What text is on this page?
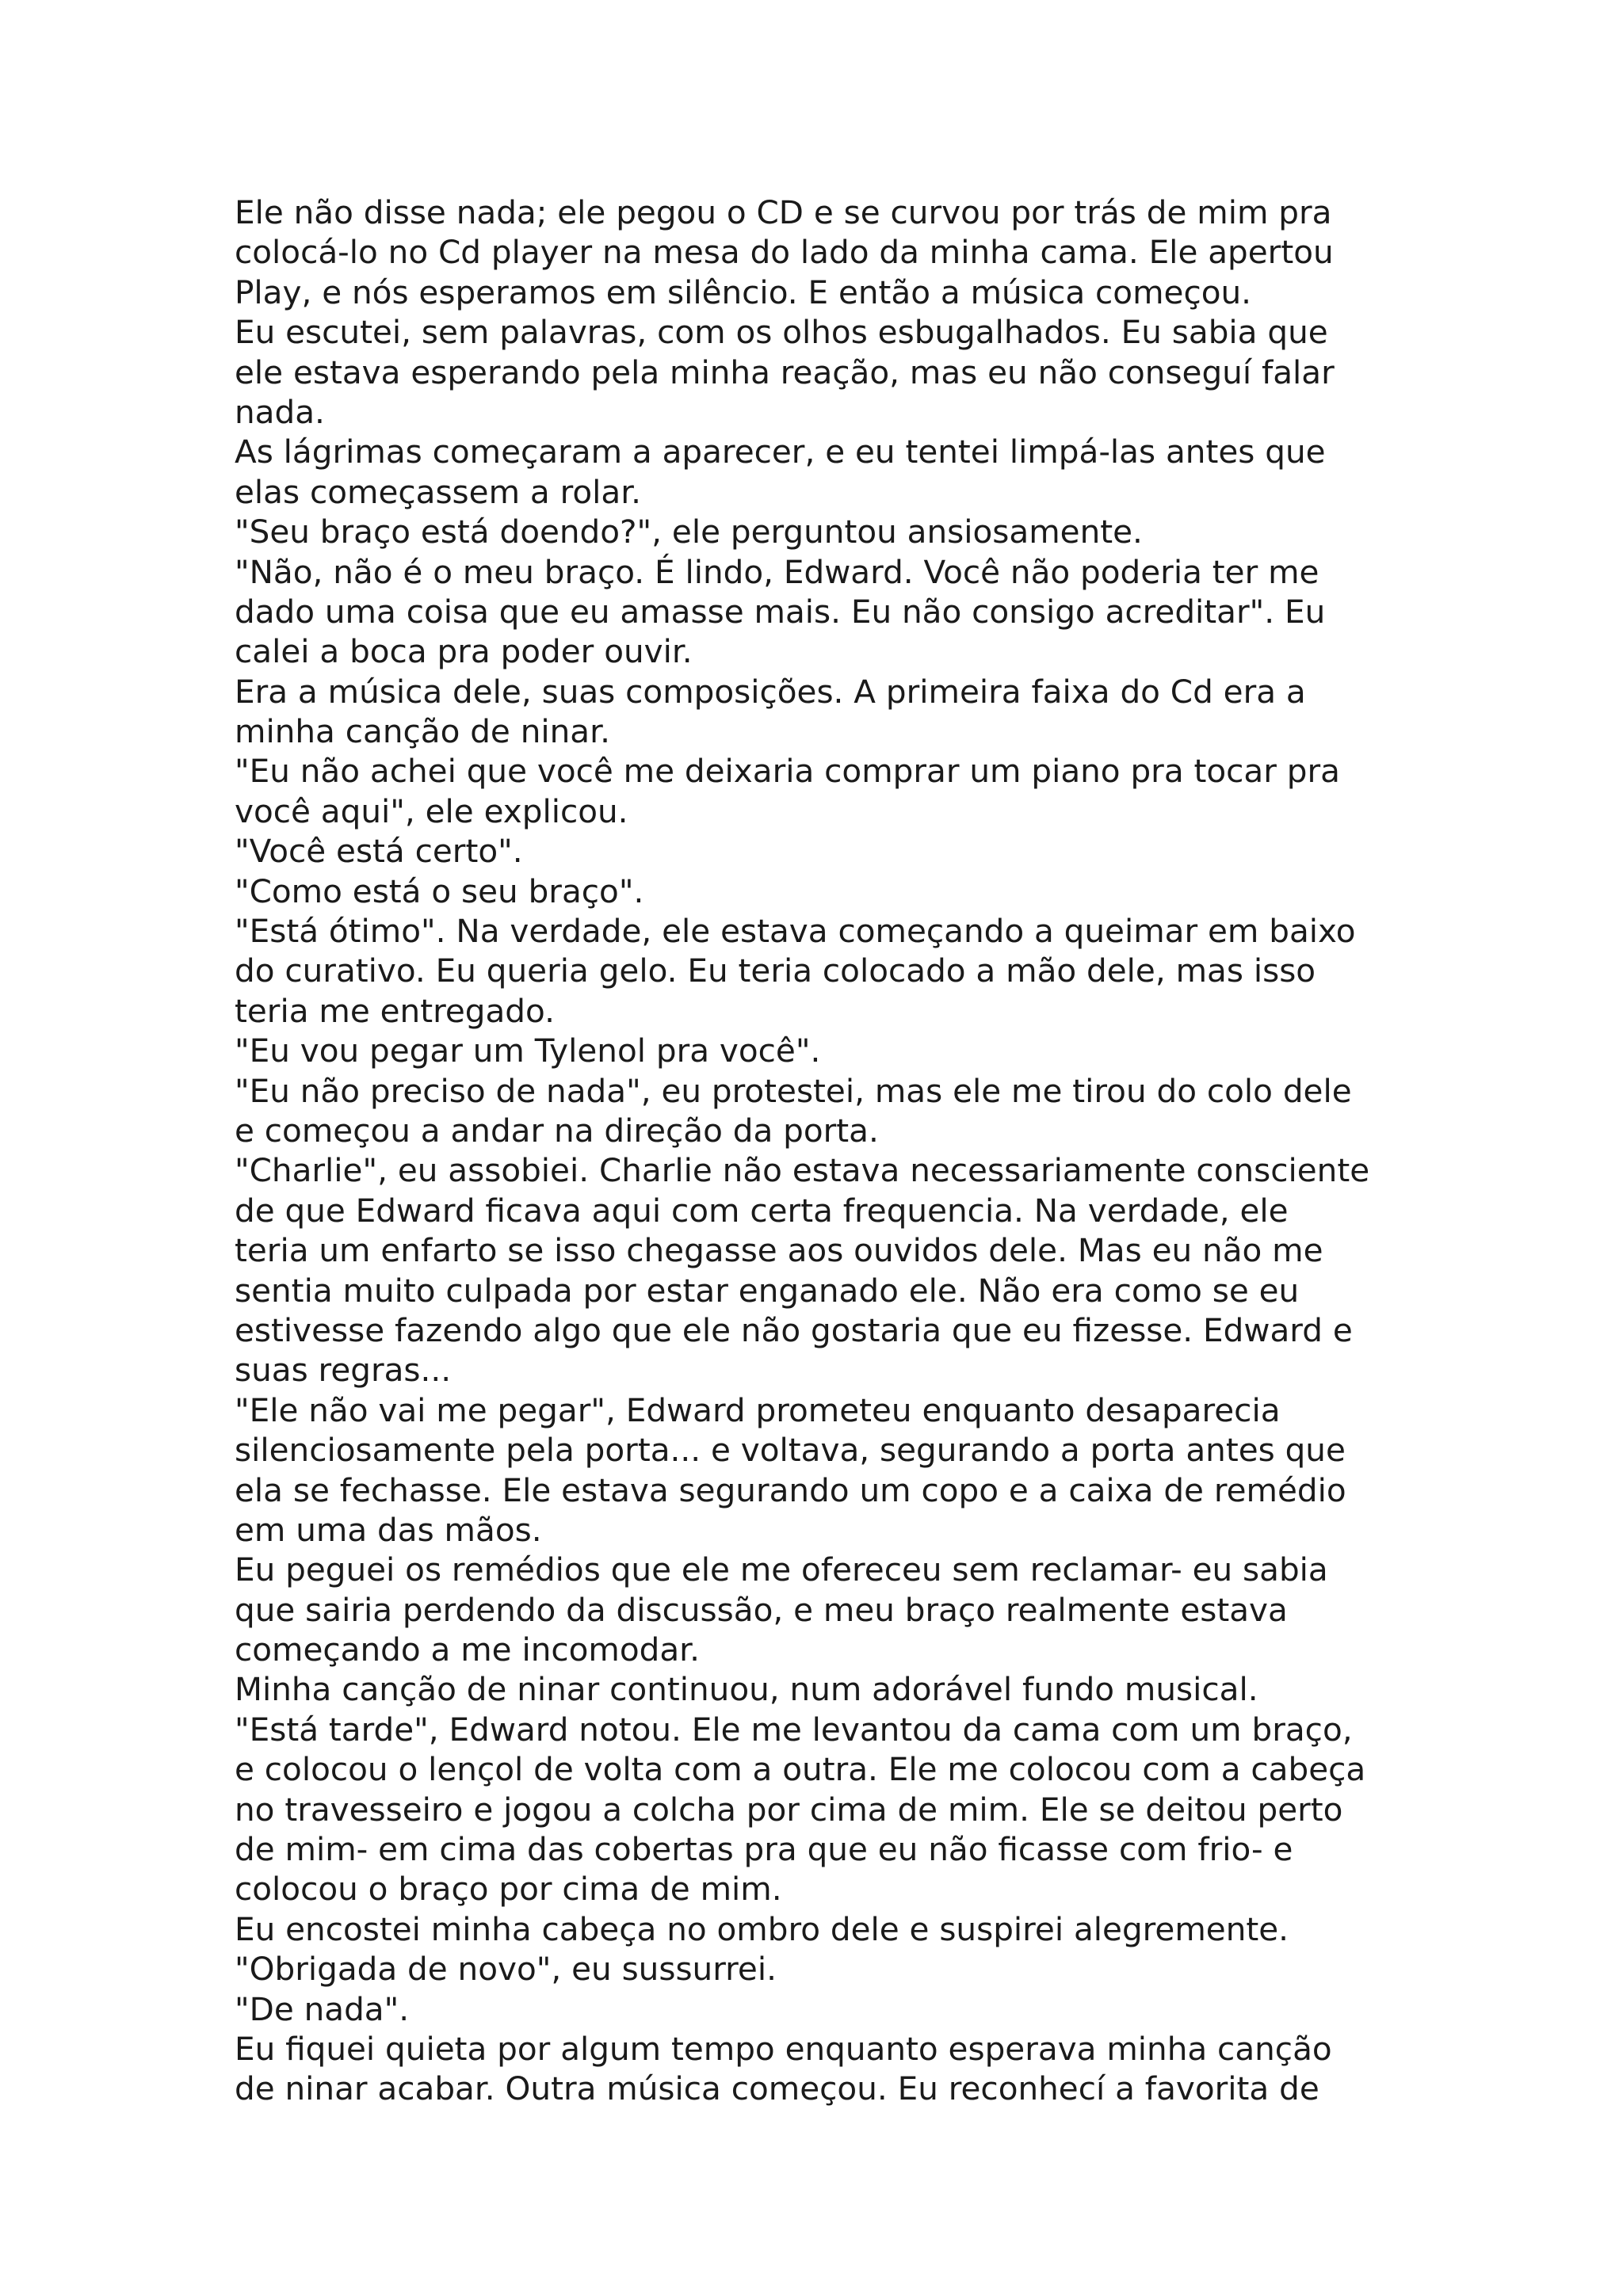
Ele não disse nada; ele pegou o CD e se curvou por trás de mim pra
colocá-lo no Cd player na mesa do lado da minha cama. Ele apertou
Play, e nós esperamos em silêncio. E então a música começou.
Eu escutei, sem palavras, com os olhos esbugalhados. Eu sabia que
ele estava esperando pela minha reação, mas eu não conseguí falar
nada.
As lágrimas começaram a aparecer, e eu tentei limpá-las antes que
elas começassem a rolar.
"Seu braço está doendo?", ele perguntou ansiosamente.
"Não, não é o meu braço. É lindo, Edward. Você não poderia ter me
dado uma coisa que eu amasse mais. Eu não consigo acreditar". Eu
calei a boca pra poder ouvir.
Era a música dele, suas composições. A primeira faixa do Cd era a
minha canção de ninar.
"Eu não achei que você me deixaria comprar um piano pra tocar pra
você aqui", ele explicou.
"Você está certo".
"Como está o seu braço".
"Está ótimo". Na verdade, ele estava começando a queimar em baixo
do curativo. Eu queria gelo. Eu teria colocado a mão dele, mas isso
teria me entregado.
"Eu vou pegar um Tylenol pra você".
"Eu não preciso de nada", eu protestei, mas ele me tirou do colo dele
e começou a andar na direção da porta.
"Charlie", eu assobiei. Charlie não estava necessariamente consciente
de que Edward ficava aqui com certa frequencia. Na verdade, ele
teria um enfarto se isso chegasse aos ouvidos dele. Mas eu não me
sentia muito culpada por estar enganado ele. Não era como se eu
estivesse fazendo algo que ele não gostaria que eu fizesse. Edward e
suas regras...
"Ele não vai me pegar", Edward prometeu enquanto desaparecia
silenciosamente pela porta... e voltava, segurando a porta antes que
ela se fechasse. Ele estava segurando um copo e a caixa de remédio
em uma das mãos.
Eu peguei os remédios que ele me ofereceu sem reclamar- eu sabia
que sairia perdendo da discussão, e meu braço realmente estava
começando a me incomodar.
Minha canção de ninar continuou, num adorável fundo musical.
"Está tarde", Edward notou. Ele me levantou da cama com um braço,
e colocou o lençol de volta com a outra. Ele me colocou com a cabeça
no travesseiro e jogou a colcha por cima de mim. Ele se deitou perto
de mim- em cima das cobertas pra que eu não ficasse com frio- e
colocou o braço por cima de mim.
Eu encostei minha cabeça no ombro dele e suspirei alegremente.
"Obrigada de novo", eu sussurrei.
"De nada".
Eu fiquei quieta por algum tempo enquanto esperava minha canção
de ninar acabar. Outra música começou. Eu reconhecí a favorita de
